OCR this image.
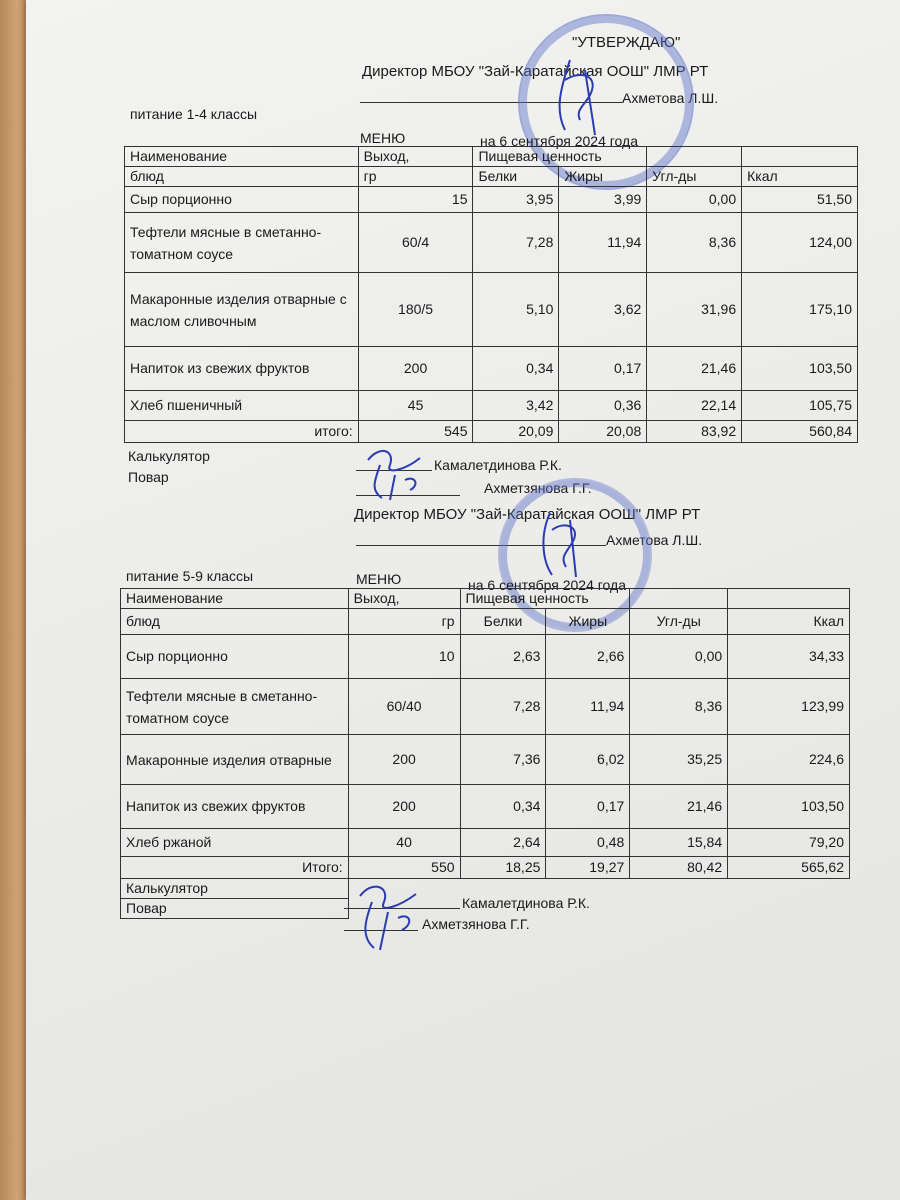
"УТВЕРЖДАЮ"
Директор МБОУ "Зай-Каратайская ООШ" ЛМР РТ
Ахметова Л.Ш.
питание 1-4 классы
МЕНЮ	на 6 сентября 2024 года
Наименование	Выход,	Пищевая ценность			
блюд	гр	Белки	Жиры	Угл-ды	Ккал
Сыр порционно	15	3,95	3,99	0,00	51,50
Тефтели мясные в сметанно-томатном соусе	60/4	7,28	11,94	8,36	124,00
Макаронные изделия отварные с маслом сливочным	180/5	5,10	3,62	31,96	175,10
Напиток из свежих фруктов	200	0,34	0,17	21,46	103,50
Хлеб пшеничный	45	3,42	0,36	22,14	105,75
итого:	545	20,09	20,08	83,92	560,84
Калькулятор
Камалетдинова Р.К.
Повар
Ахметзянова Г.Г.
Директор МБОУ "Зай-Каратайская ООШ" ЛМР РТ
Ахметова Л.Ш.
питание 5-9 классы	МЕНЮ	на 6 сентября 2024 года
Наименование	Выход,	Пищевая ценность			
блюд	гр	Белки	Жиры	Угл-ды	Ккал
Сыр порционно	10	2,63	2,66	0,00	34,33
Тефтели мясные в сметанно-томатном соусе	60/40	7,28	11,94	8,36	123,99
Макаронные изделия отварные	200	7,36	6,02	35,25	224,6
Напиток из свежих фруктов	200	0,34	0,17	21,46	103,50
Хлеб ржаной	40	2,64	0,48	15,84	79,20
Итого:	550	18,25	19,27	80,42	565,62
Калькулятор					
Повар						Камалетдинова Р.К.
Ахметзянова Г.Г.
